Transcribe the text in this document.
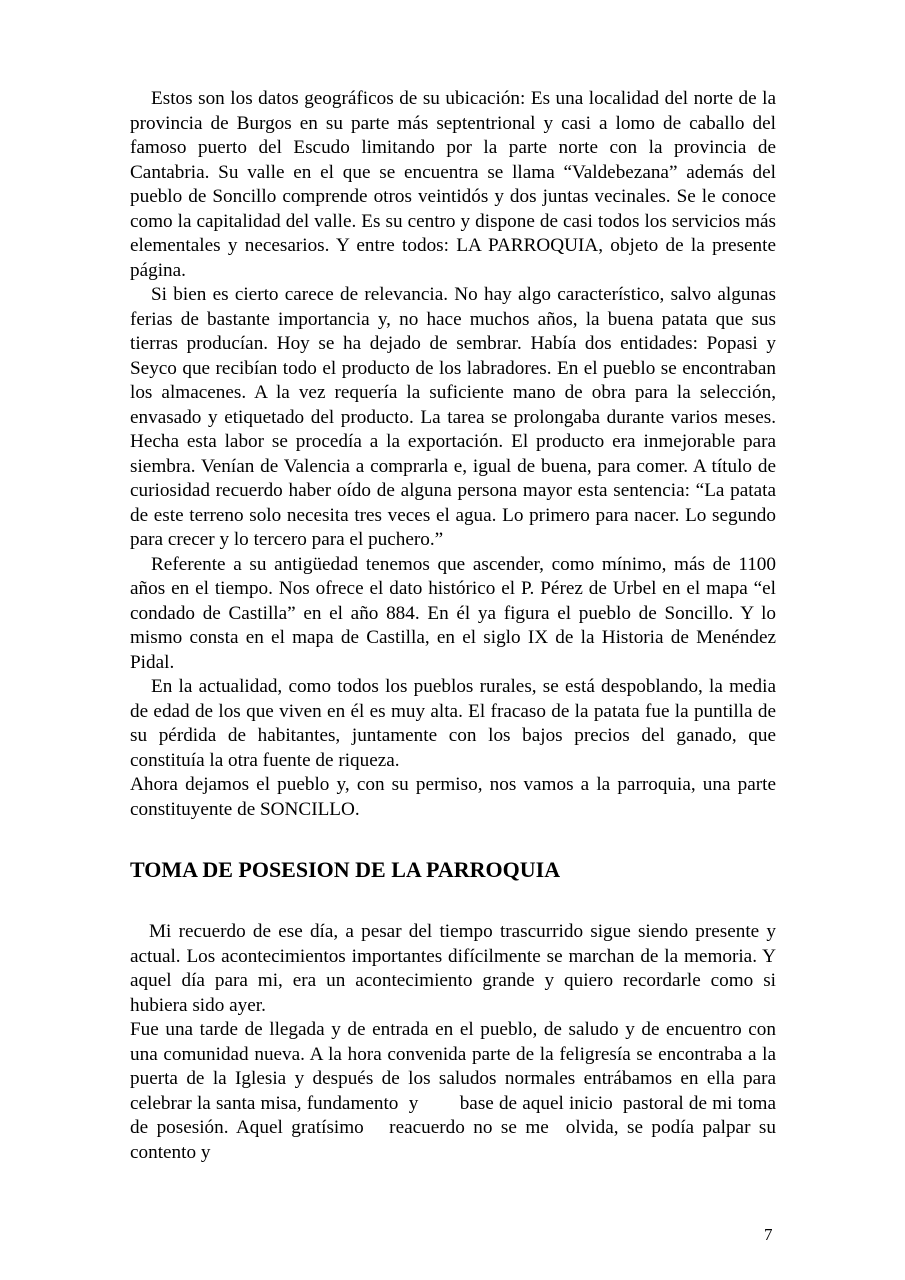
Estos son los datos geográficos de su ubicación: Es una localidad del norte de la provincia de Burgos en su parte más septentrional y casi a lomo de caballo del famoso puerto del Escudo limitando por la parte norte con la provincia de Cantabria. Su valle en el que se encuentra se llama “Valdebezana” además del pueblo de Soncillo comprende otros veintidós y dos juntas vecinales. Se le conoce como la capitalidad del valle. Es su centro y dispone de casi todos los servicios más elementales y necesarios. Y entre todos: LA PARROQUIA, objeto de la presente página.

Si bien es cierto carece de relevancia. No hay algo característico, salvo algunas ferias de bastante importancia y, no hace muchos años, la buena patata que sus tierras producían. Hoy se ha dejado de sembrar. Había dos entidades: Popasi y Seyco que recibían todo el producto de los labradores. En el pueblo se encontraban los almacenes. A la vez requería la suficiente mano de obra para la selección, envasado y etiquetado del producto. La tarea se prolongaba durante varios meses. Hecha esta labor se procedía a la exportación. El producto era inmejorable para siembra. Venían de Valencia a comprarla e, igual de buena, para comer. A título de curiosidad recuerdo haber oído de alguna persona mayor esta sentencia: “La patata de este terreno solo necesita tres veces el agua. Lo primero para nacer. Lo segundo para crecer y lo tercero para el puchero.”

Referente a su antigüedad tenemos que ascender, como mínimo, más de 1100 años en el tiempo. Nos ofrece el dato histórico el P. Pérez de Urbel en el mapa “el condado de Castilla” en el año 884. En él ya figura el pueblo de Soncillo. Y lo mismo consta en el mapa de Castilla, en el siglo IX de la Historia de Menéndez Pidal.

En la actualidad, como todos los pueblos rurales, se está despoblando, la media de edad de los que viven en él es muy alta. El fracaso de la patata fue la puntilla de su pérdida de habitantes, juntamente con los bajos precios del ganado, que constituía la otra fuente de riqueza.

Ahora dejamos el pueblo y, con su permiso, nos vamos a la parroquia, una parte constituyente de SONCILLO.

TOMA DE POSESION DE LA PARROQUIA

Mi recuerdo de ese día, a pesar del tiempo trascurrido sigue siendo presente y actual. Los acontecimientos importantes difícilmente se marchan de la memoria. Y aquel día para mi, era un acontecimiento grande y quiero recordarle como si hubiera sido ayer.

Fue una tarde de llegada y de entrada en el pueblo, de saludo y de encuentro con una comunidad nueva. A la hora convenida parte de la feligresía se encontraba a la puerta de la Iglesia y después de los saludos normales entrábamos en ella para celebrar la santa misa, fundamento  y        base de aquel inicio  pastoral de mi toma de posesión. Aquel gratísimo   reacuerdo no se me  olvida, se podía palpar su contento y

7
